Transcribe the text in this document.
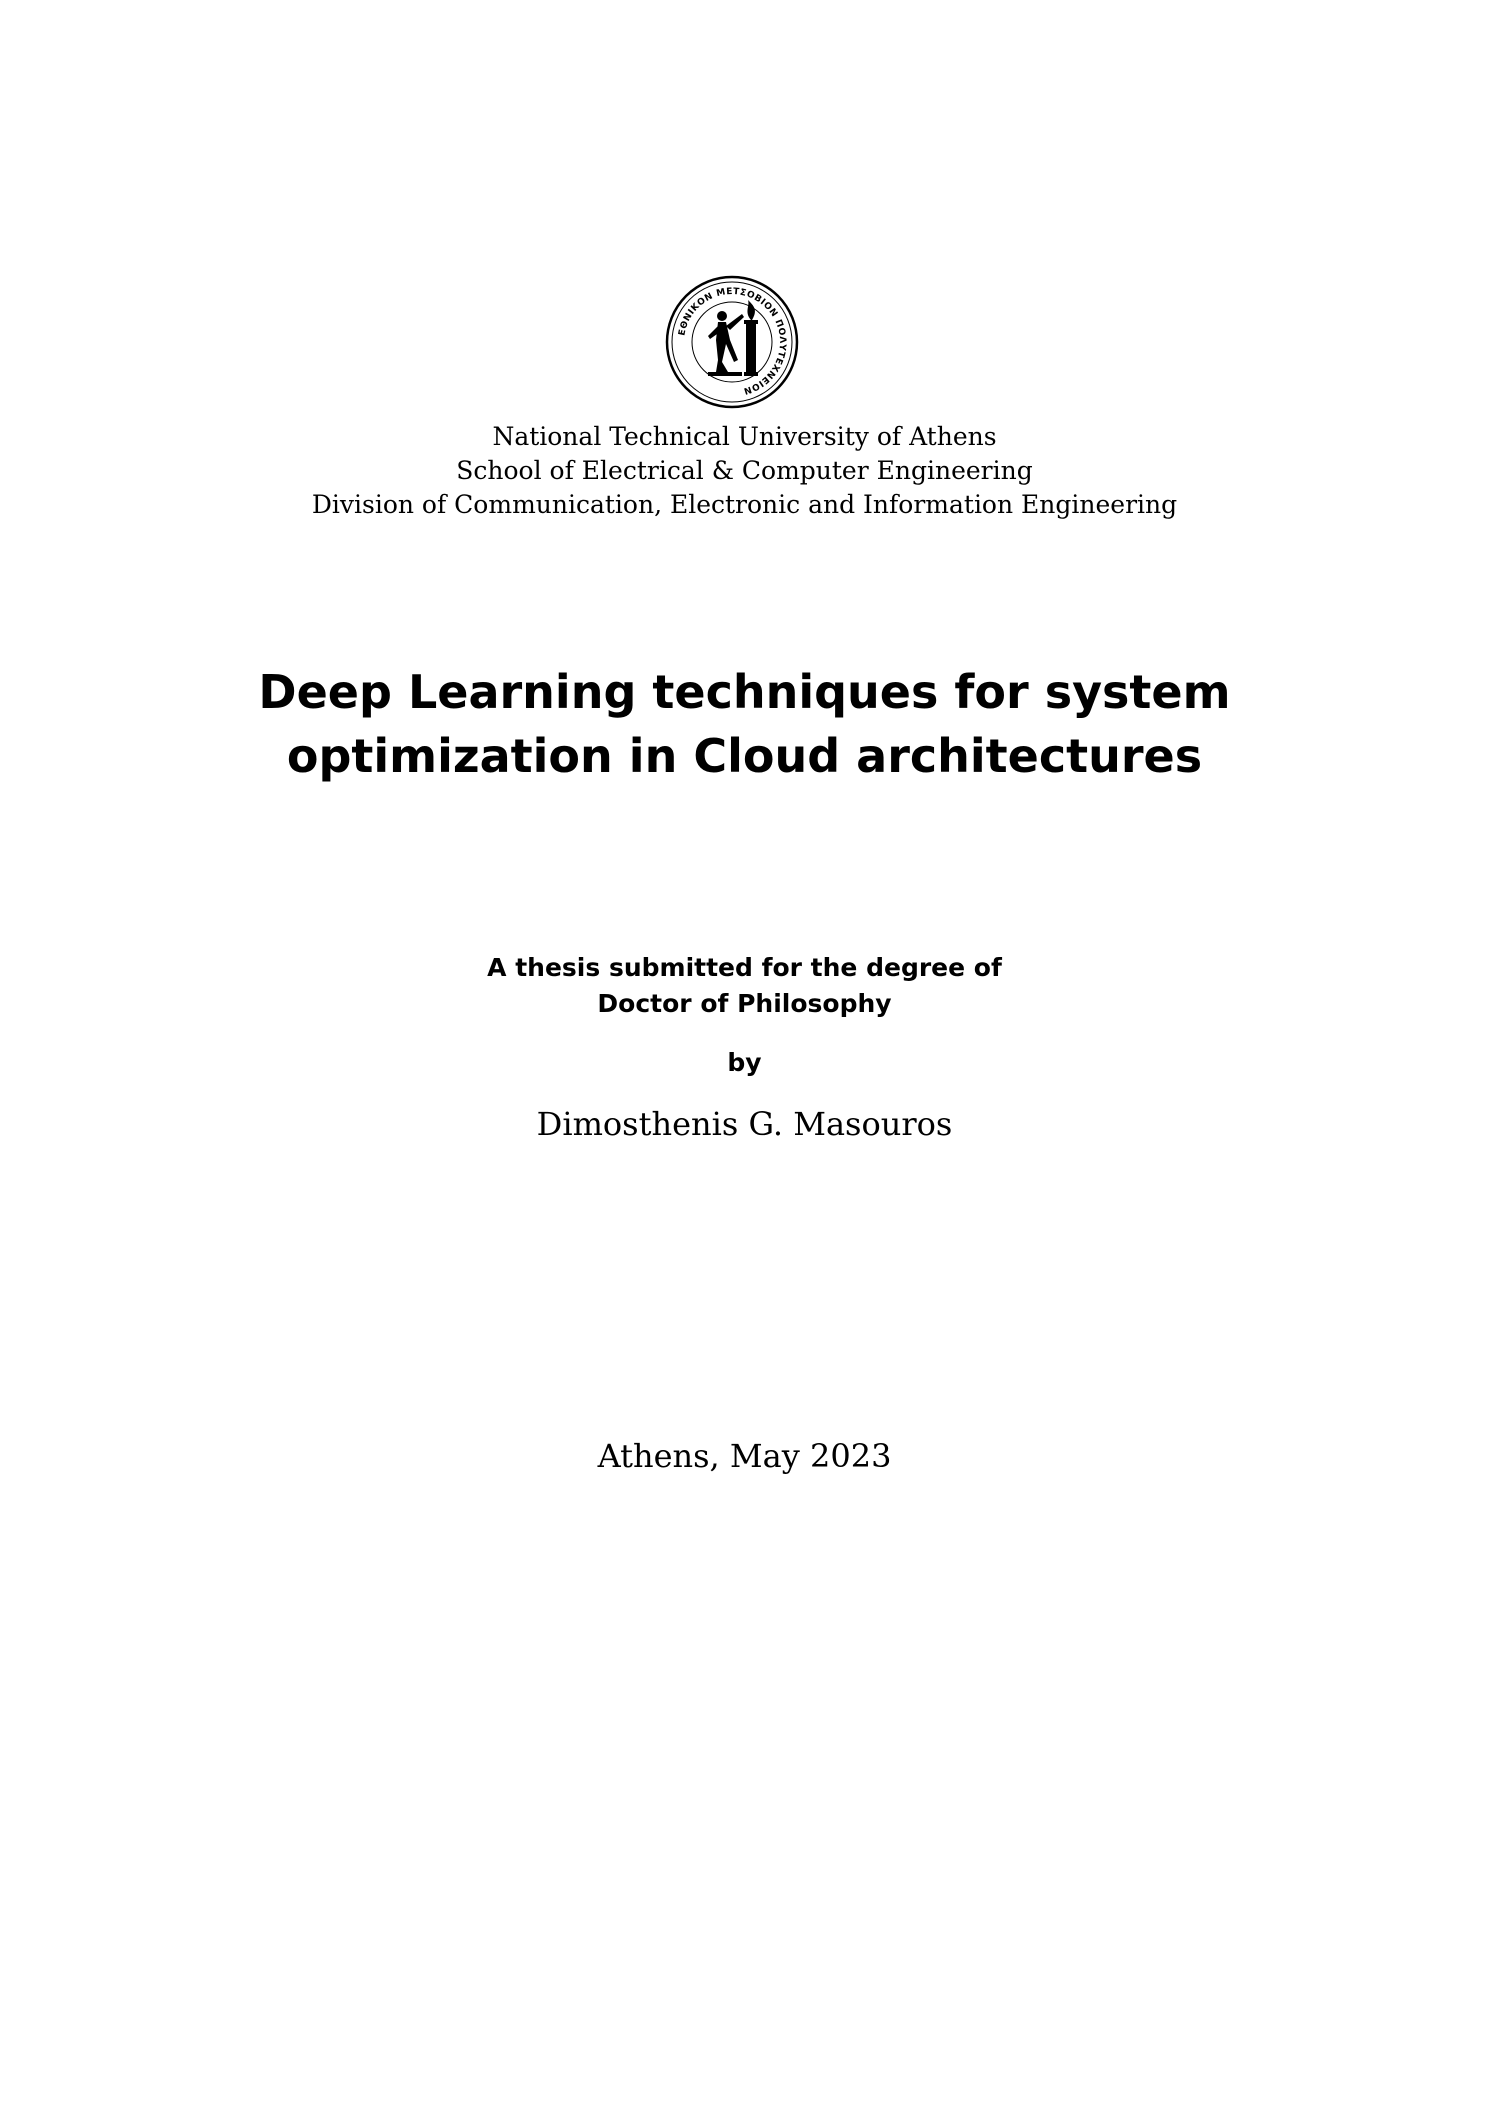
ΕΘΝΙΚΟΝ ΜΕΤΣΟΒΙΟΝ ΠΟΛΥΤΕΧΝΕΙΟΝ
National Technical University of Athens
School of Electrical & Computer Engineering
Division of Communication, Electronic and Information Engineering
Deep Learning techniques for system
optimization in Cloud architectures
A thesis submitted for the degree of
Doctor of Philosophy
by
Dimosthenis G. Masouros
Athens, May 2023
